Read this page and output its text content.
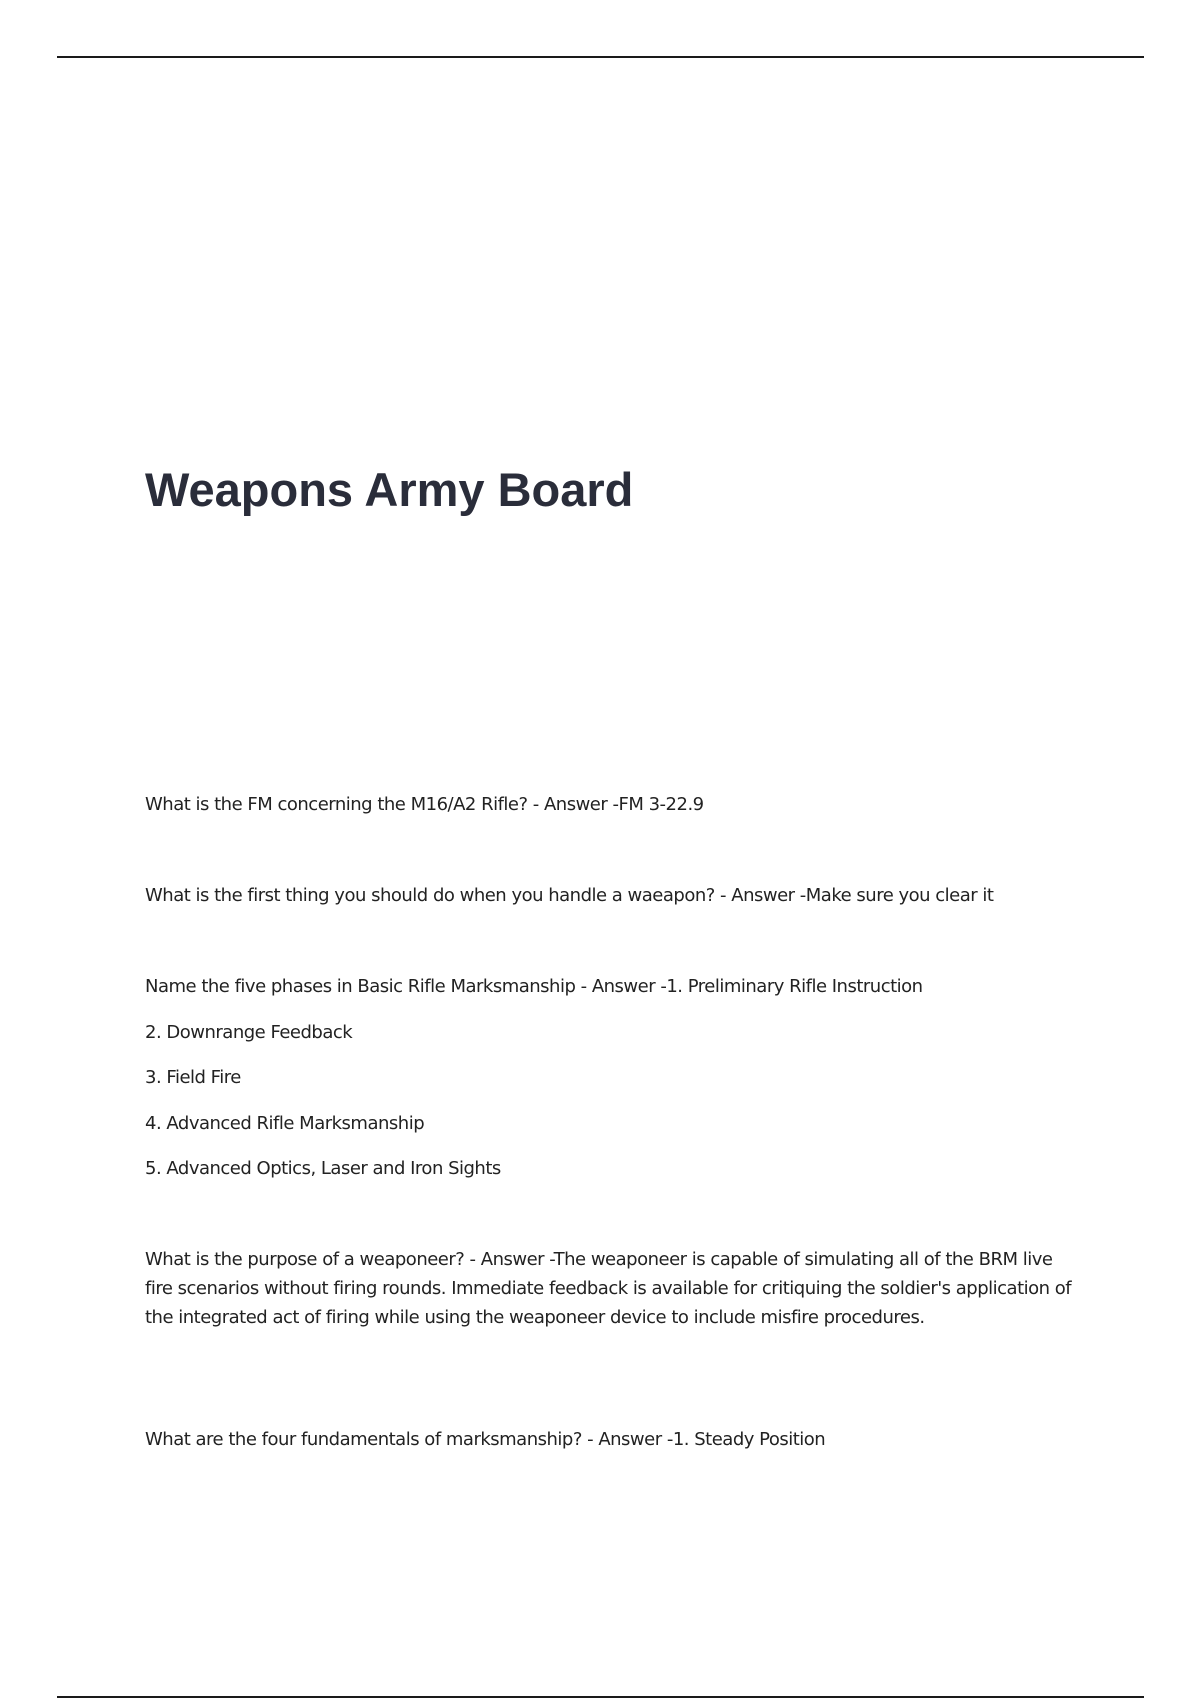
Weapons Army Board

What is the FM concerning the M16/A2 Rifle? - Answer -FM 3-22.9

What is the first thing you should do when you handle a waeapon? - Answer -Make sure you clear it

Name the five phases in Basic Rifle Marksmanship - Answer -1. Preliminary Rifle Instruction

2. Downrange Feedback

3. Field Fire

4. Advanced Rifle Marksmanship

5. Advanced Optics, Laser and Iron Sights

What is the purpose of a weaponeer? - Answer -The weaponeer is capable of simulating all of the BRM live fire scenarios without firing rounds. Immediate feedback is available for critiquing the soldier's application of the integrated act of firing while using the weaponeer device to include misfire procedures.

What are the four fundamentals of marksmanship? - Answer -1. Steady Position
